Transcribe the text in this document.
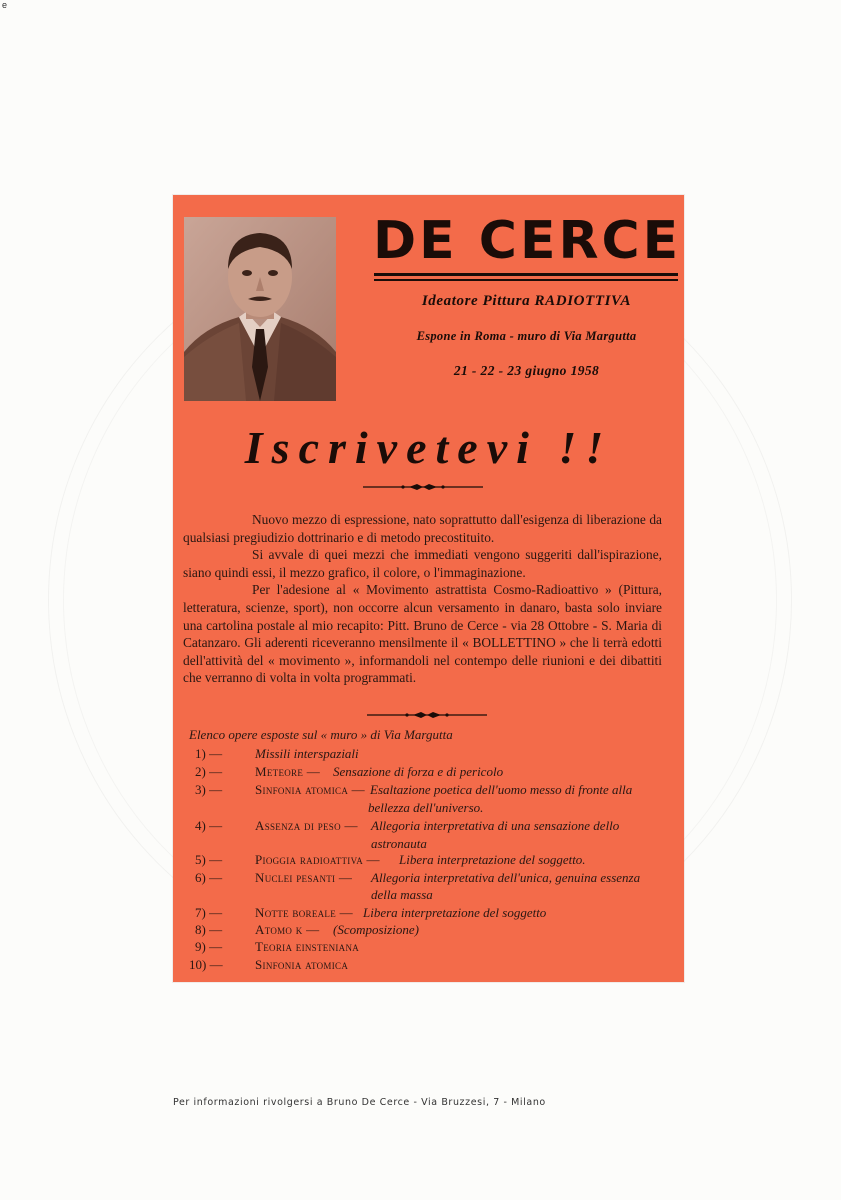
e
DE CERCE
Ideatore Pittura RADIOTTIVA
Espone in Roma - muro di Via Margutta
21 - 22 - 23 giugno 1958
Iscrivetevi !!

Nuovo mezzo di espressione, nato soprattutto dall'esigenza di liberazione da qualsiasi pregiudizio dottrinario e di metodo precostituito.

Si avvale di quei mezzi che immediati vengono suggeriti dall'ispirazione, siano quindi essi, il mezzo grafico, il colore, o l'immaginazione.

Per l'adesione al « Movimento astrattista Cosmo-Radioattivo » (Pittura, letteratura, scienze, sport), non occorre alcun versamento in danaro, basta solo inviare una cartolina postale al mio recapito: Pitt. Bruno de Cerce - via 28 Ottobre - S. Maria di Catanzaro. Gli aderenti riceveranno mensilmente il « BOLLETTINO » che li terrà edotti dell'attività del « movimento », informandoli nel contempo delle riunioni e dei dibattiti che verranno di volta in volta programmati.

Elenco opere esposte sul « muro » di Via Margutta
1) —	Missili interspaziali
2) —	Meteore — Sensazione di forza e di pericolo
3) —	Sinfonia atomica — Esaltazione poetica dell'uomo messo di fronte alla
bellezza dell'universo.
4) —	Assenza di peso — Allegoria interpretativa di una sensazione dello
astronauta
5) —	Pioggia radioattiva — Libera interpretazione del soggetto.
6) —	Nuclei pesanti — Allegoria interpretativa dell'unica, genuina essenza
della massa
7) —	Notte boreale — Libera interpretazione del soggetto
8) —	Atomo k — (Scomposizione)
9) —	Teoria einsteniana
10) —	Sinfonia atomica
Per informazioni rivolgersi a Bruno De Cerce - Via Bruzzesi, 7 - Milano
